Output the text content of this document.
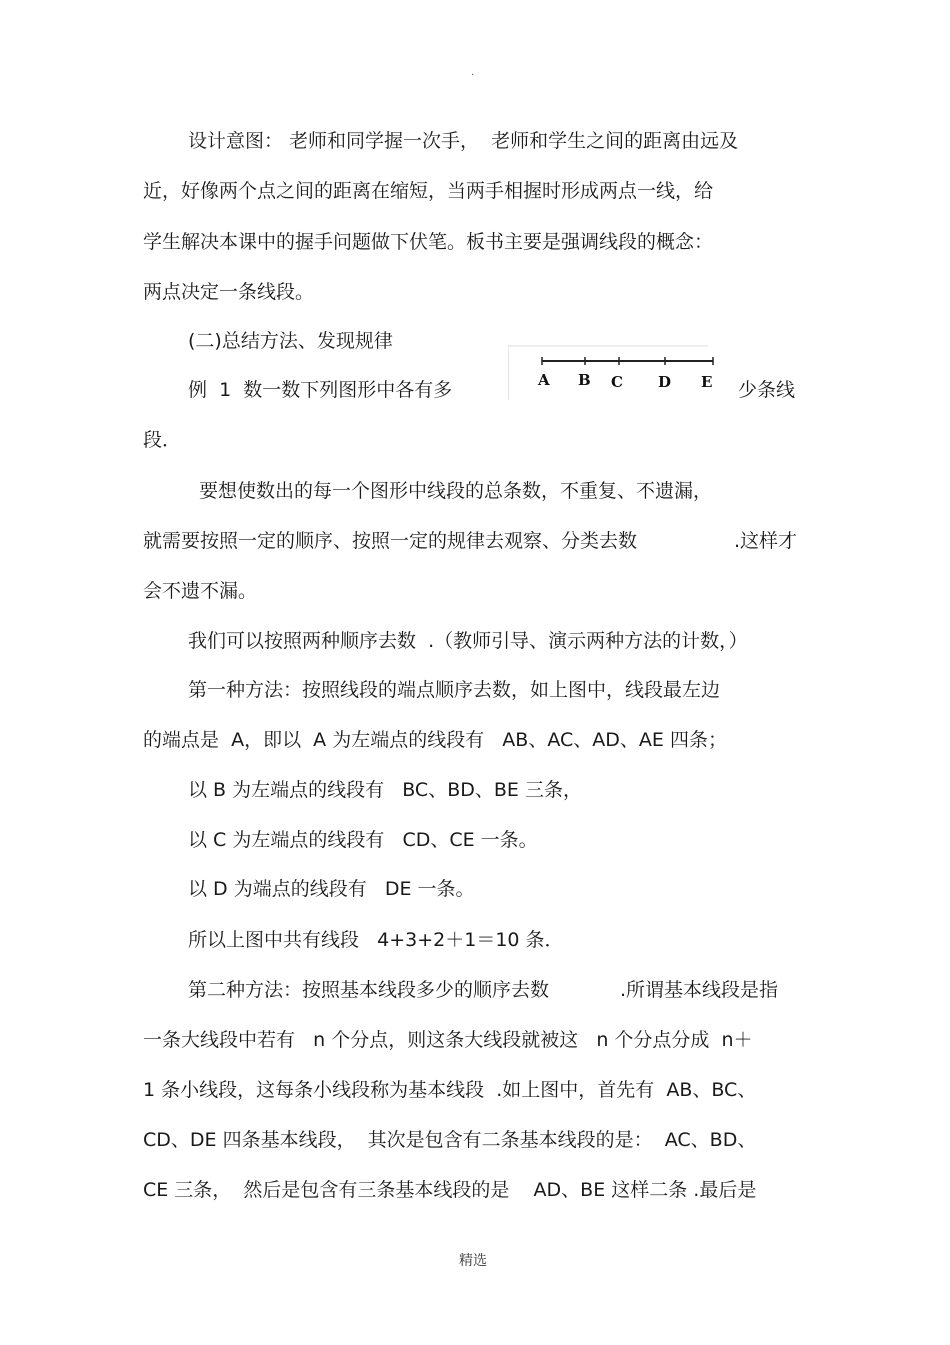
·
设计意图： 老师和同学握一次手，  老师和学生之间的距离由远及
近，好像两个点之间的距离在缩短，当两手相握时形成两点一线，给
学生解决本课中的握手问题做下伏笔。板书主要是强调线段的概念：
两点决定一条线段。
(二)总结方法、发现规律
例  1  数一数下列图形中各有多	A B C D E 少条线
段．
要想使数出的每一个图形中线段的总条数，不重复、不遗漏，
就需要按照一定的顺序、按照一定的规律去观察、分类去数	.这样才
会不遗不漏。
我们可以按照两种顺序去数  .（教师引导、演示两种方法的计数，）
第一种方法：按照线段的端点顺序去数，如上图中，线段最左边
的端点是  A，即以  A 为左端点的线段有   AB、AC、AD、AE 四条；
以 B 为左端点的线段有   BC、BD、BE 三条，
以 C 为左端点的线段有   CD、CE 一条。
以 D 为端点的线段有   DE 一条。
所以上图中共有线段   4+3+2＋1＝10 条．
第二种方法：按照基本线段多少的顺序去数	.所谓基本线段是指
一条大线段中若有   n 个分点，则这条大线段就被这   n 个分点分成  n＋
1 条小线段，这每条小线段称为基本线段  .如上图中，首先有  AB、BC、
CD、DE 四条基本线段，  其次是包含有二条基本线段的是：  AC、BD、
CE 三条，  然后是包含有三条基本线段的是    AD、BE 这样二条 .最后是
精选
